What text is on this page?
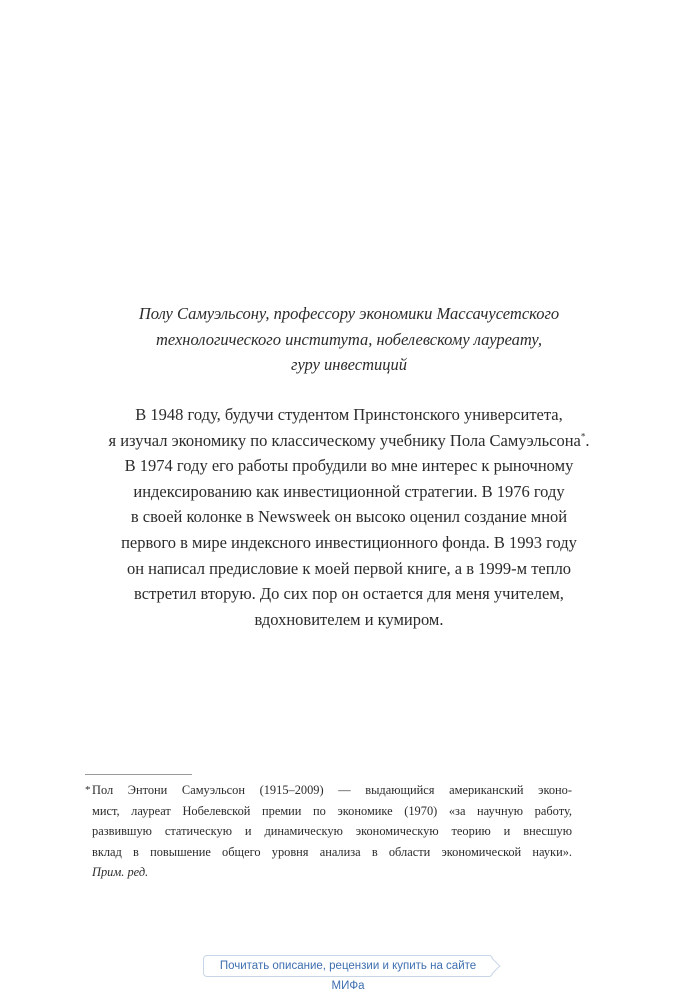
Полу Самуэльсону, профессору экономики Массачусетского
технологического института, нобелевскому лауреату,
гуру инвестиций
В 1948 году, будучи студентом Принстонского университета,
я изучал экономику по классическому учебнику Пола Самуэльсона*.
В 1974 году его работы пробудили во мне интерес к рыночному
индексированию как инвестиционной стратегии. В 1976 году
в своей колонке в Newsweek он высоко оценил создание мной
первого в мире индексного инвестиционного фонда. В 1993 году
он написал предисловие к моей первой книге, а в 1999-м тепло
встретил вторую. До сих пор он остается для меня учителем,
вдохновителем и кумиром.
* Пол Энтони Самуэльсон (1915–2009) — выдающийся американский эконо-
мист, лауреат Нобелевской премии по экономике (1970) «за научную работу,
развившую статическую и динамическую экономическую теорию и внесшую
вклад в повышение общего уровня анализа в области экономической науки».
Прим. ред.
Почитать описание, рецензии и купить на сайте МИФа
